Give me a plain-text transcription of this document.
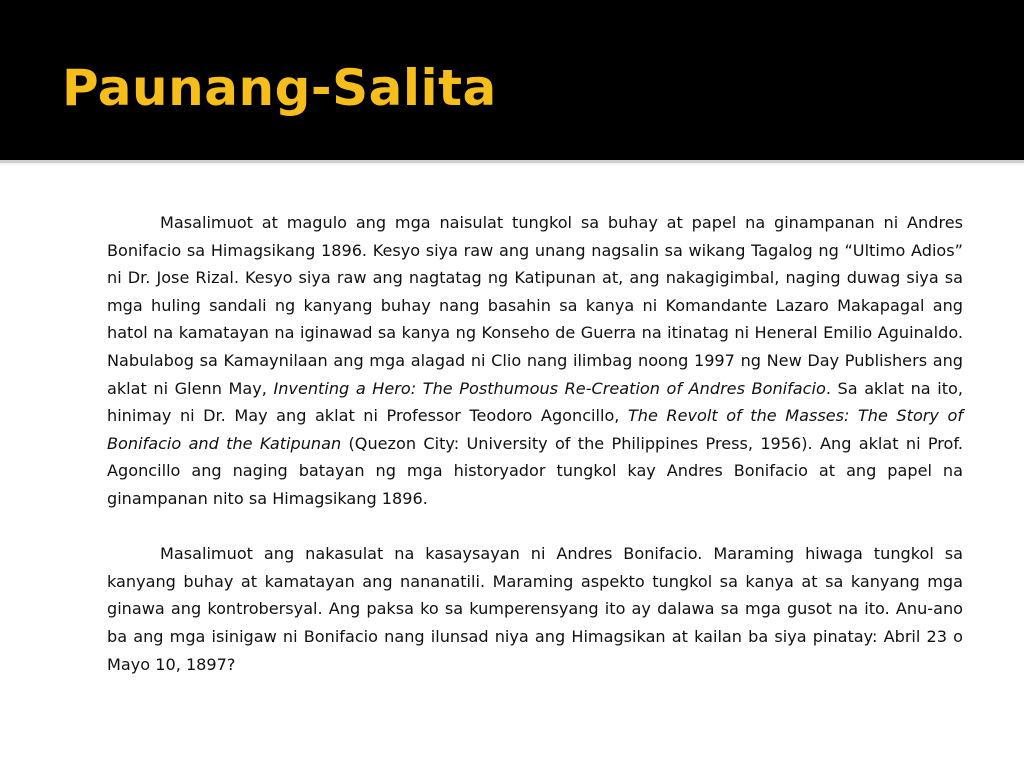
Paunang-Salita

Masalimuot at magulo ang mga naisulat tungkol sa buhay at papel na ginampanan ni Andres Bonifacio sa Himagsikang 1896. Kesyo siya raw ang unang nagsalin sa wikang Tagalog ng “Ultimo Adios” ni Dr. Jose Rizal. Kesyo siya raw ang nagtatag ng Katipunan at, ang nakagigimbal, naging duwag siya sa mga huling sandali ng kanyang buhay nang basahin sa kanya ni Komandante Lazaro Makapagal ang hatol na kamatayan na iginawad sa kanya ng Konseho de Guerra na itinatag ni Heneral Emilio Aguinaldo. Nabulabog sa Kamaynilaan ang mga alagad ni Clio nang ilimbag noong 1997 ng New Day Publishers ang aklat ni Glenn May, Inventing a Hero: The Posthumous Re-Creation of Andres Bonifacio. Sa aklat na ito, hinimay ni Dr. May ang aklat ni Professor Teodoro Agoncillo, The Revolt of the Masses: The Story of Bonifacio and the Katipunan (Quezon City: University of the Philippines Press, 1956). Ang aklat ni Prof. Agoncillo ang naging batayan ng mga historyador tungkol kay Andres Bonifacio at ang papel na ginampanan nito sa Himagsikang 1896.

Masalimuot ang nakasulat na kasaysayan ni Andres Bonifacio. Maraming hiwaga tungkol sa kanyang buhay at kamatayan ang nananatili. Maraming aspekto tungkol sa kanya at sa kanyang mga ginawa ang kontrobersyal. Ang paksa ko sa kumperensyang ito ay dalawa sa mga gusot na ito. Anu-ano ba ang mga isinigaw ni Bonifacio nang ilunsad niya ang Himagsikan at kailan ba siya pinatay: Abril 23 o Mayo 10, 1897?
